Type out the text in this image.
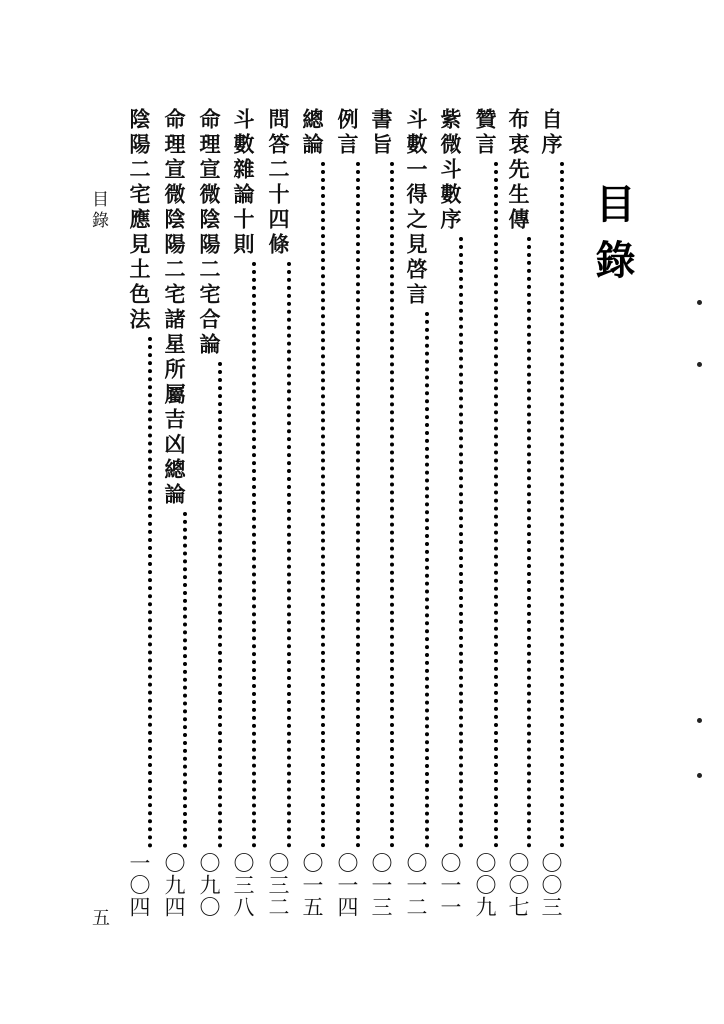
目錄
自序
〇〇三
布衷先生傳
〇〇七
贊言
〇〇九
紫微斗數序
〇一一
斗數一得之見啓言
〇一二
書旨
〇一三
例言
〇一四
總論
〇一五
問答二十四條
〇三二
斗數雜論十則
〇三八
命理宣微陰陽二宅合論
〇九〇
命理宣微陰陽二宅諸星所屬吉凶總論
〇九四
陰陽二宅應見土色法
一〇四
目錄
五
